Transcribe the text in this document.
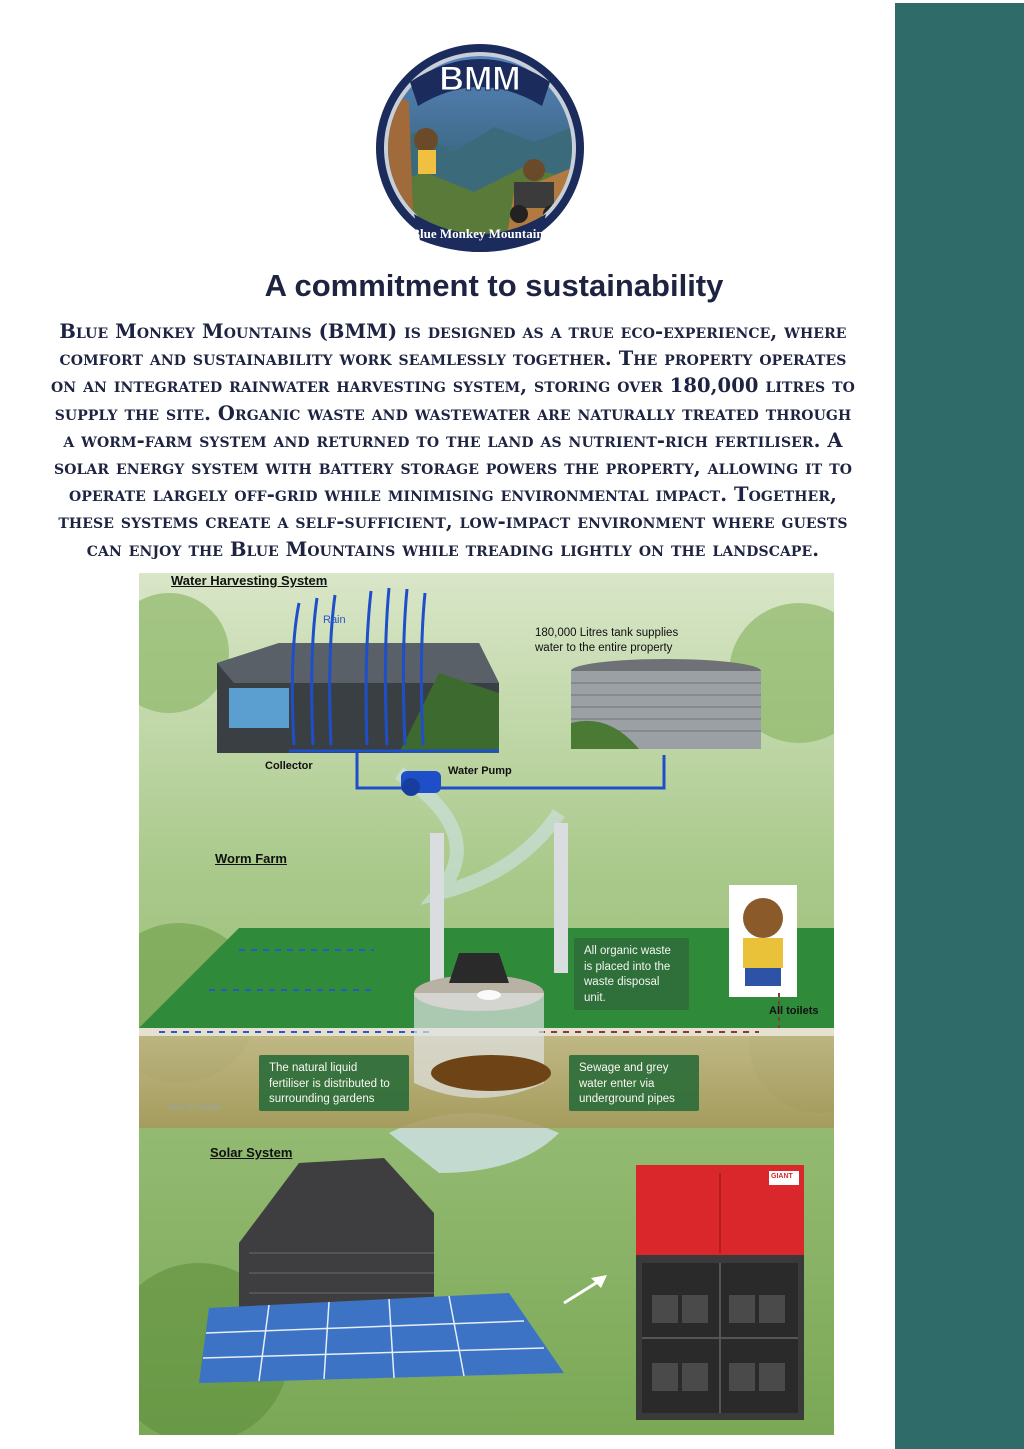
BMM
Blue Monkey Mountains
A commitment to sustainability
Blue Monkey Mountains (BMM) is designed as a true eco-experience, where
comfort and sustainability work seamlessly together. The property operates
on an integrated rainwater harvesting system, storing over 180,000 litres to
supply the site. Organic waste and wastewater are naturally treated through
a worm-farm system and returned to the land as nutrient-rich fertiliser. A
solar energy system with battery storage powers the property, allowing it to
operate largely off-grid while minimising environmental impact. Together,
these systems create a self-sufficient, low-impact environment where guests
can enjoy the Blue Mountains while treading lightly on the landscape.
Water Harvesting System
Rain
180,000 Litres tank supplies
water to the entire property
Collector	Water Pump
Worm Farm
All organic waste is placed into the waste disposal unit.
All toilets
The natural liquid fertiliser is distributed to surrounding gardens
Sewage and grey water enter via underground pipes
Not to scale
Solar System
GIANT
